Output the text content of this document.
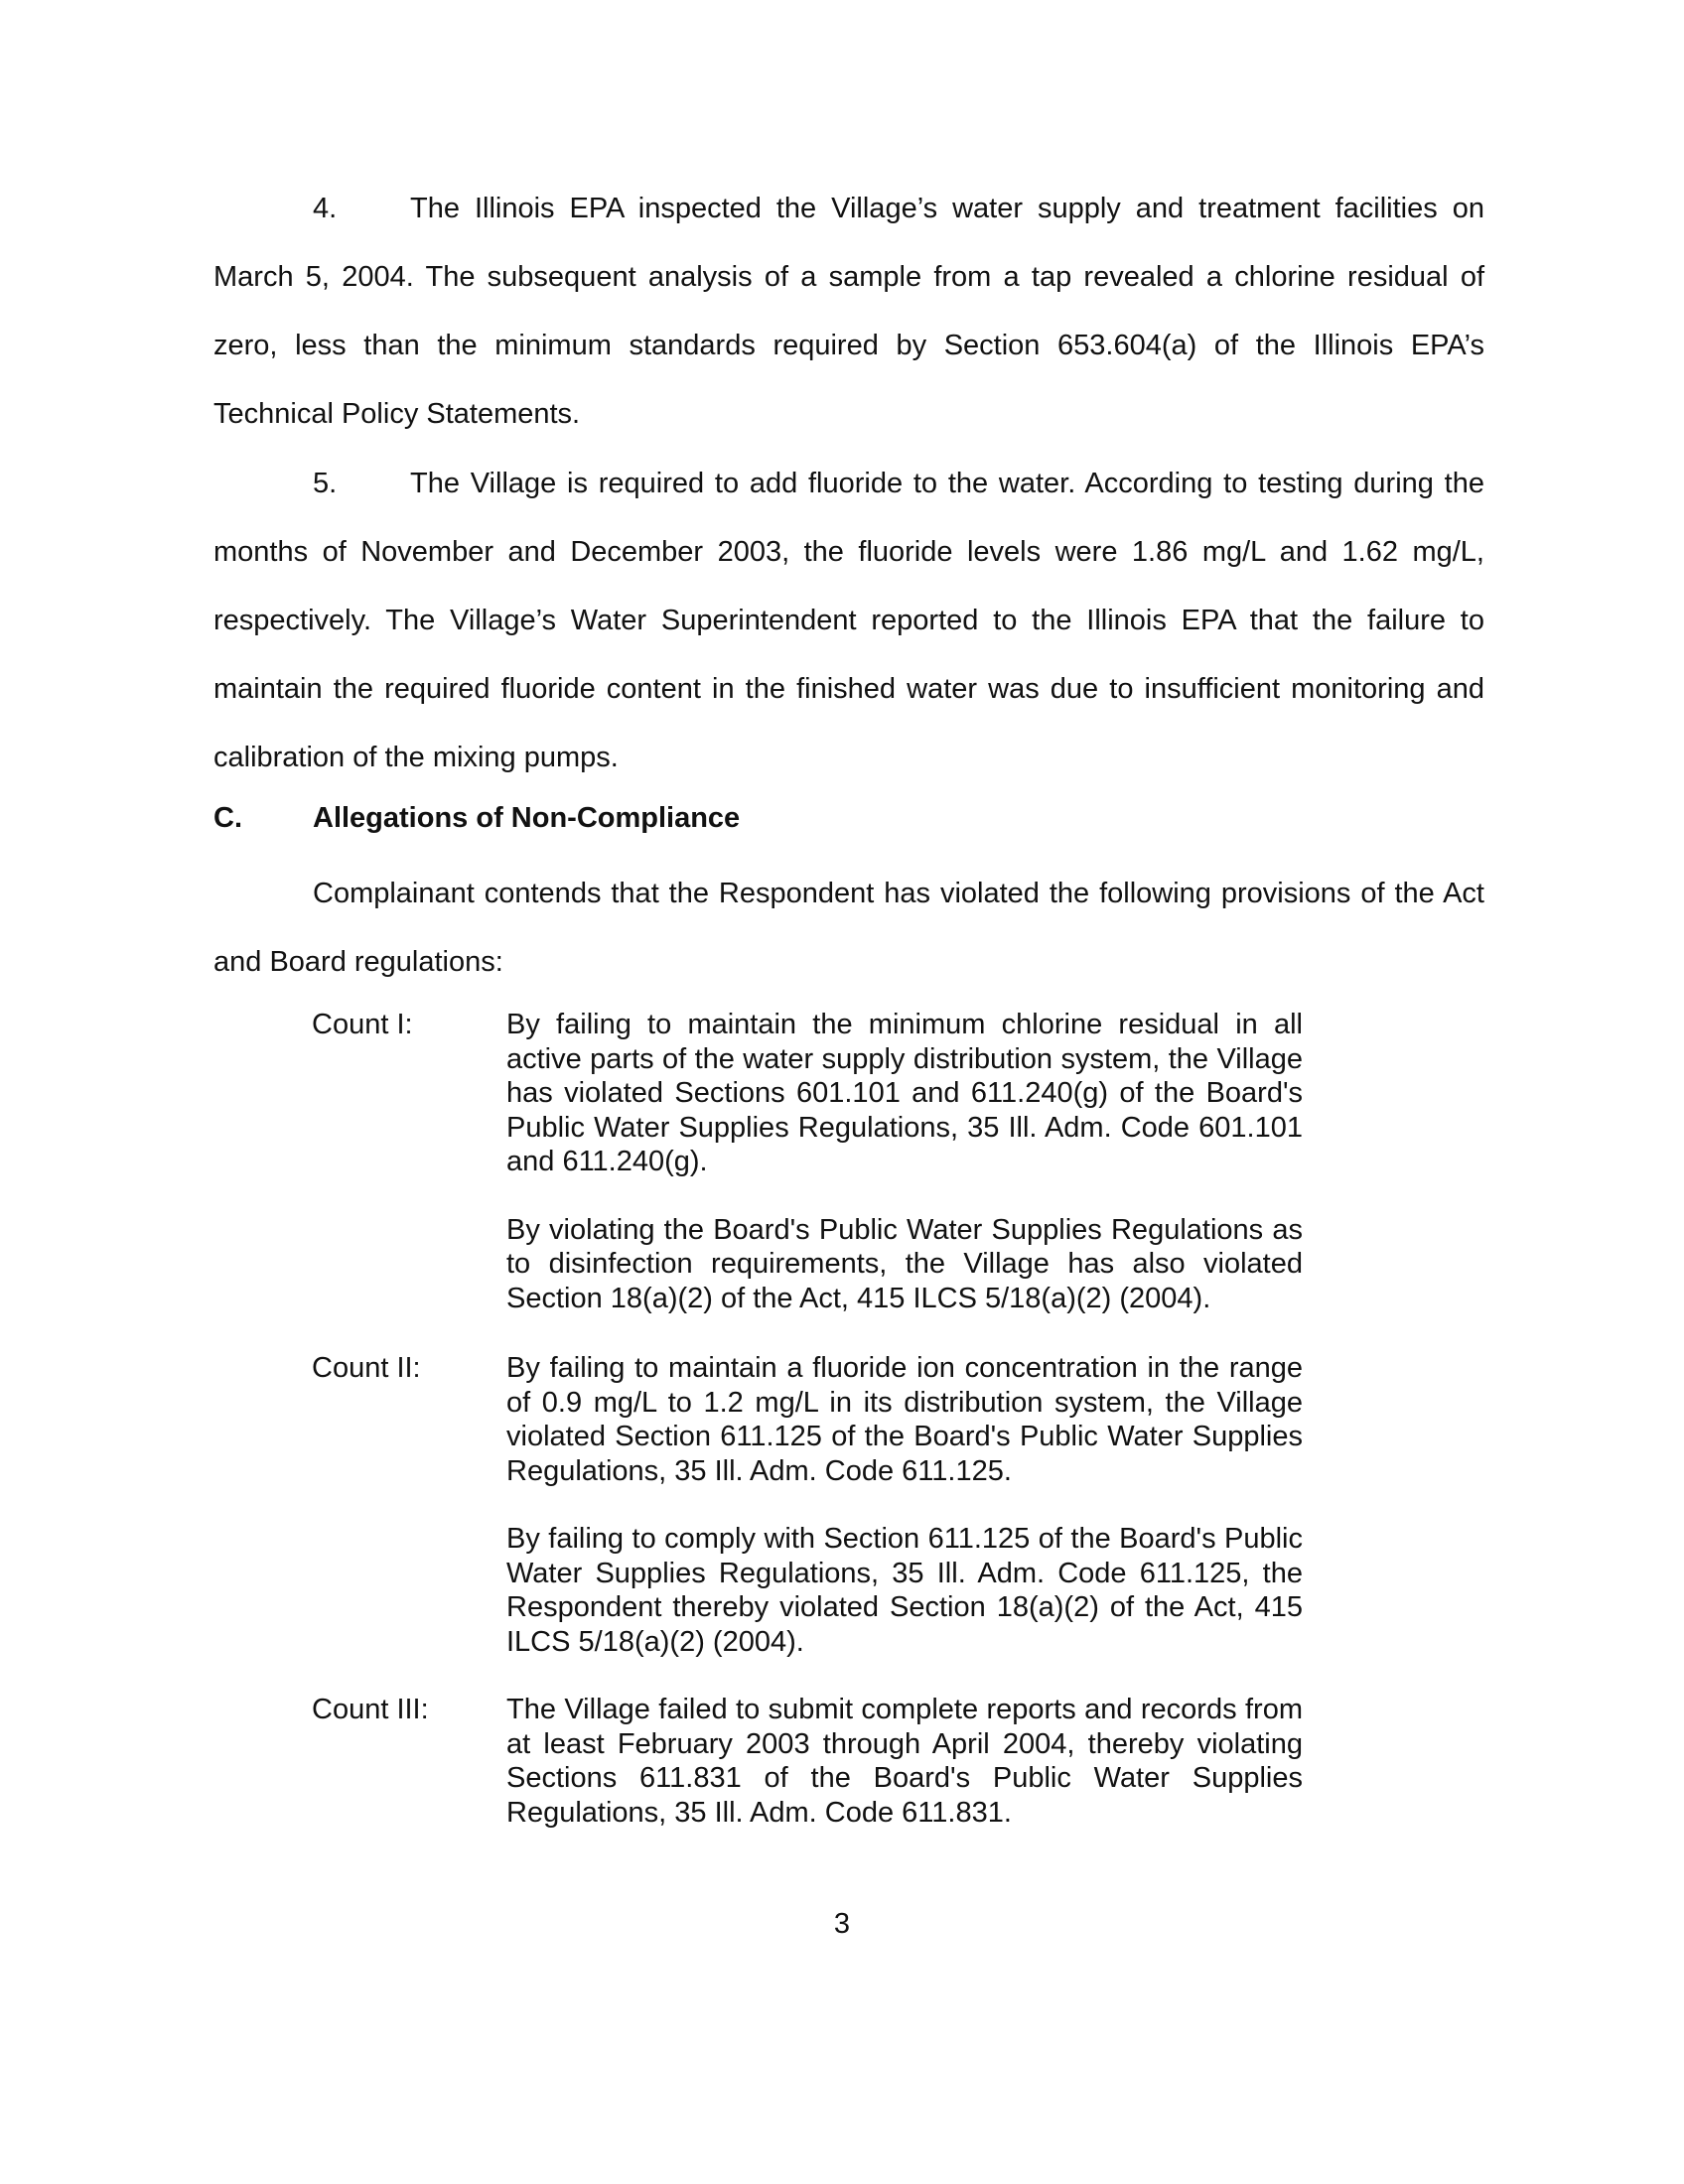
4.	The Illinois EPA inspected the Village’s water supply and treatment facilities on March 5, 2004. The subsequent analysis of a sample from a tap revealed a chlorine residual of zero, less than the minimum standards required by Section 653.604(a) of the Illinois EPA’s Technical Policy Statements.

5.	The Village is required to add fluoride to the water. According to testing during the months of November and December 2003, the fluoride levels were 1.86 mg/L and 1.62 mg/L, respectively. The Village’s Water Superintendent reported to the Illinois EPA that the failure to maintain the required fluoride content in the finished water was due to insufficient monitoring and calibration of the mixing pumps.

C. Allegations of Non-Compliance

Complainant contends that the Respondent has violated the following provisions of the Act and Board regulations:

Count I:	By failing to maintain the minimum chlorine residual in all active parts of the water supply distribution system, the Village has violated Sections 601.101 and 611.240(g) of the Board's Public Water Supplies Regulations, 35 Ill. Adm. Code 601.101 and 611.240(g).

By violating the Board's Public Water Supplies Regulations as to disinfection requirements, the Village has also violated Section 18(a)(2) of the Act, 415 ILCS 5/18(a)(2) (2004).

Count II:	By failing to maintain a fluoride ion concentration in the range of 0.9 mg/L to 1.2 mg/L in its distribution system, the Village violated Section 611.125 of the Board's Public Water Supplies Regulations, 35 Ill. Adm. Code 611.125.

By failing to comply with Section 611.125 of the Board's Public Water Supplies Regulations, 35 Ill. Adm. Code 611.125, the Respondent thereby violated Section 18(a)(2) of the Act, 415 ILCS 5/18(a)(2) (2004).

Count III:	The Village failed to submit complete reports and records from at least February 2003 through April 2004, thereby violating Sections 611.831 of the Board's Public Water Supplies Regulations, 35 Ill. Adm. Code 611.831.

3
